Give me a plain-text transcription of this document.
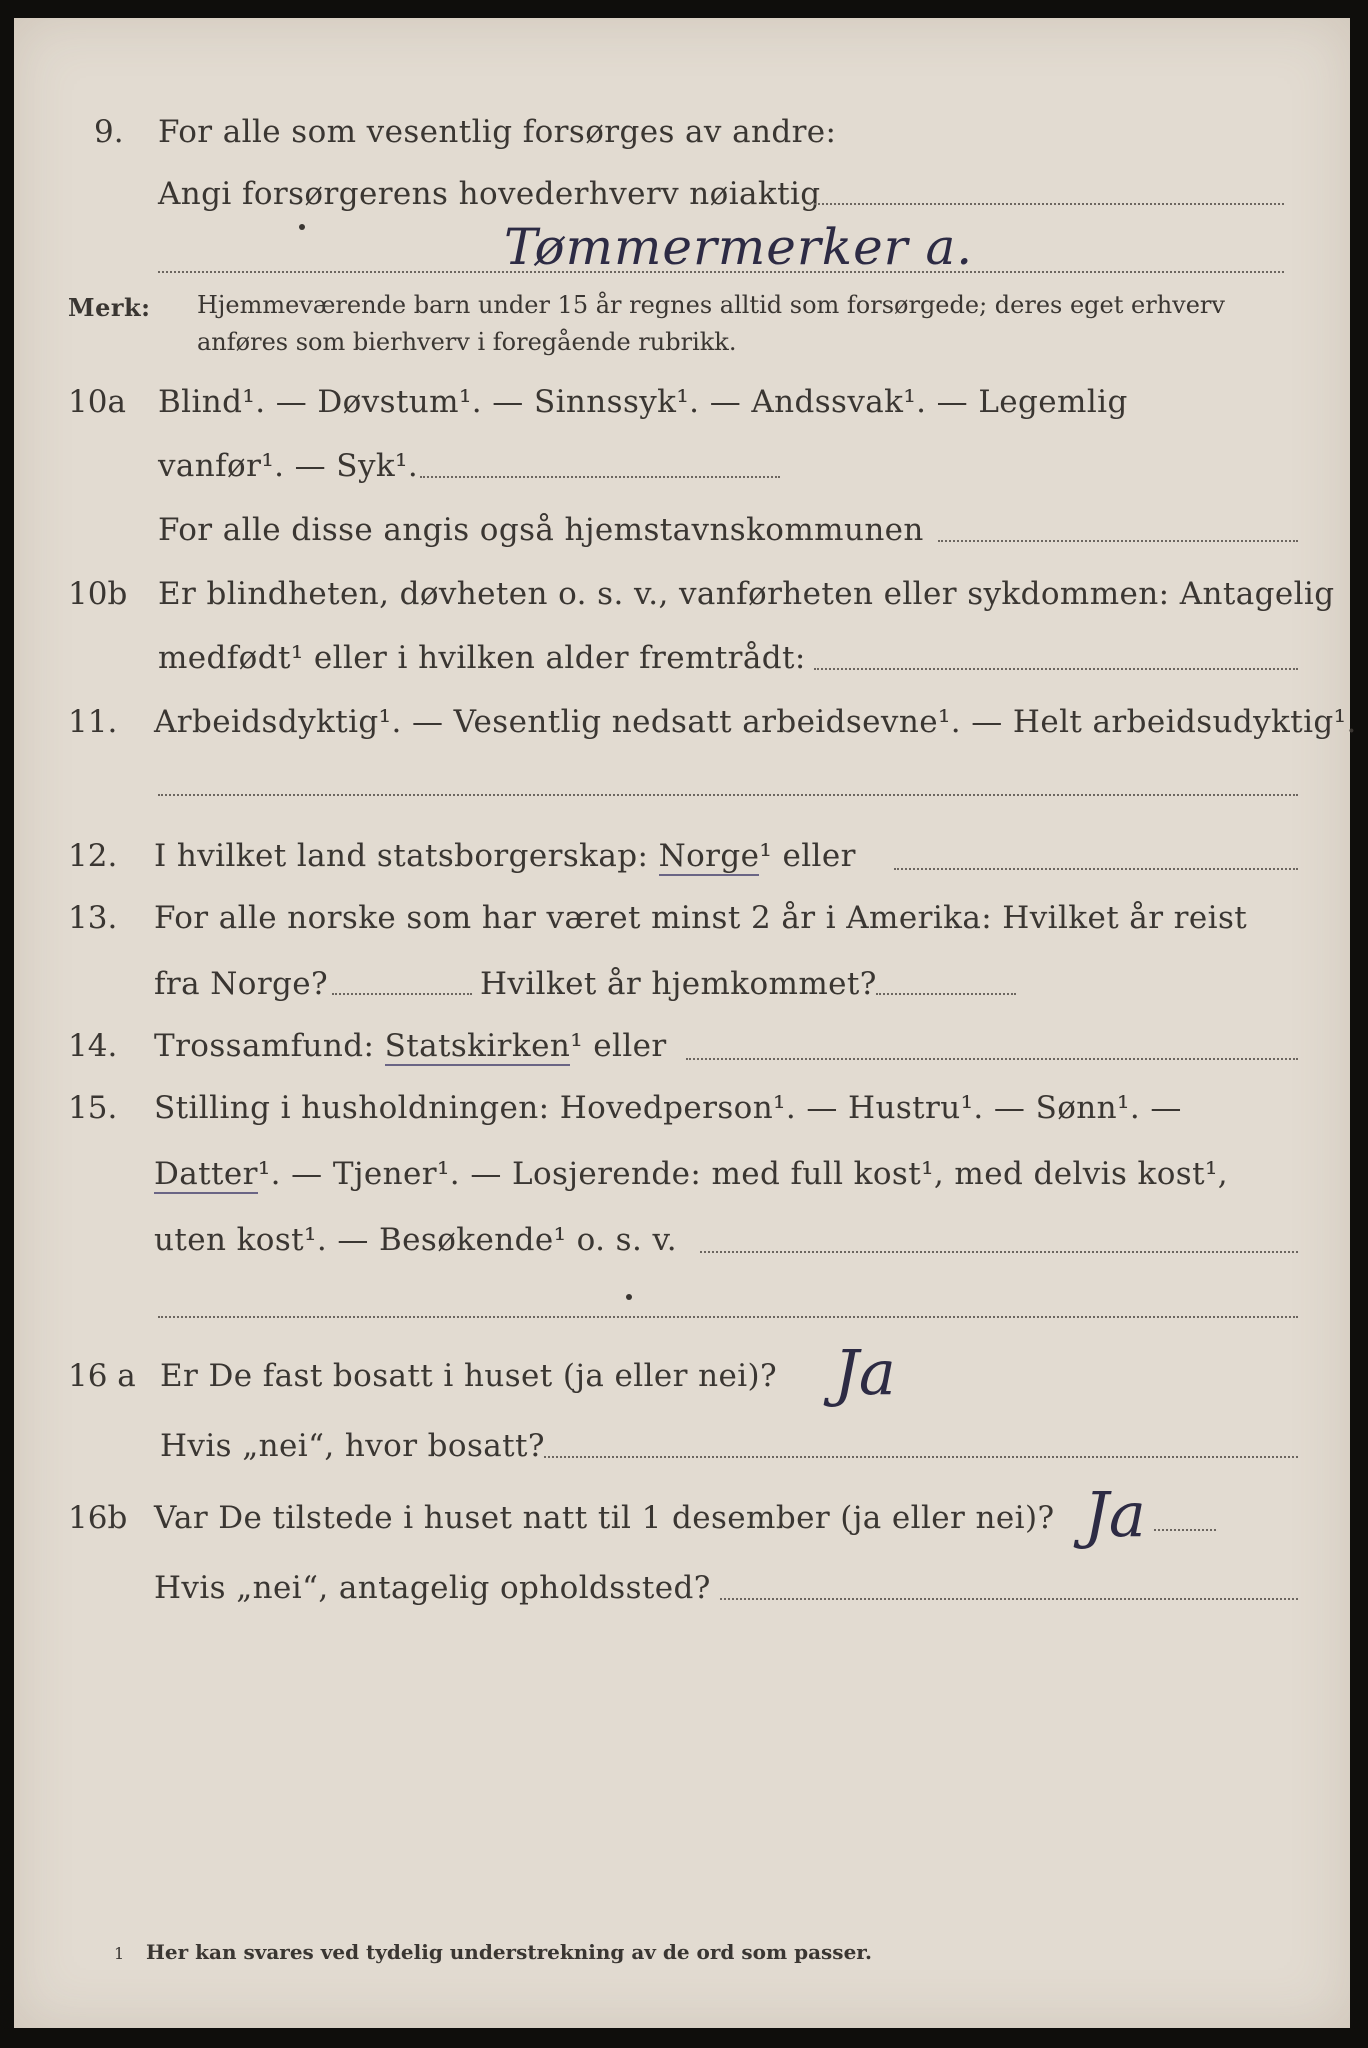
9. For alle som vesentlig forsørges av andre:
Angi forsørgerens hovederhverv nøiaktig
Tømmermerker a.
Merk: Hjemmeværende barn under 15 år regnes alltid som forsørgede; deres eget erhverv
anføres som bierhverv i foregående rubrikk.
10a Blind¹. — Døvstum¹. — Sinnssyk¹. — Andssvak¹. — Legemlig
vanfør¹. — Syk¹.
For alle disse angis også hjemstavnskommunen
10b Er blindheten, døvheten o. s. v., vanførheten eller sykdommen: Antagelig
medfødt¹ eller i hvilken alder fremtrådt:
11. Arbeidsdyktig¹. — Vesentlig nedsatt arbeidsevne¹. — Helt arbeidsudyktig¹.
12. I hvilket land statsborgerskap: Norge¹ eller
13. For alle norske som har været minst 2 år i Amerika: Hvilket år reist
fra Norge?	Hvilket år hjemkommet?
14. Trossamfund: Statskirken¹ eller
15. Stilling i husholdningen: Hovedperson¹. — Hustru¹. — Sønn¹. —
Datter¹. — Tjener¹. — Losjerende: med full kost¹, med delvis kost¹,
uten kost¹. — Besøkende¹ o. s. v.
16 a Er De fast bosatt i huset (ja eller nei)? Ja
Hvis „nei“, hvor bosatt?
16b Var De tilstede i huset natt til 1 desember (ja eller nei)? Ja
Hvis „nei“, antagelig opholdssted?
1 Her kan svares ved tydelig understrekning av de ord som passer.
